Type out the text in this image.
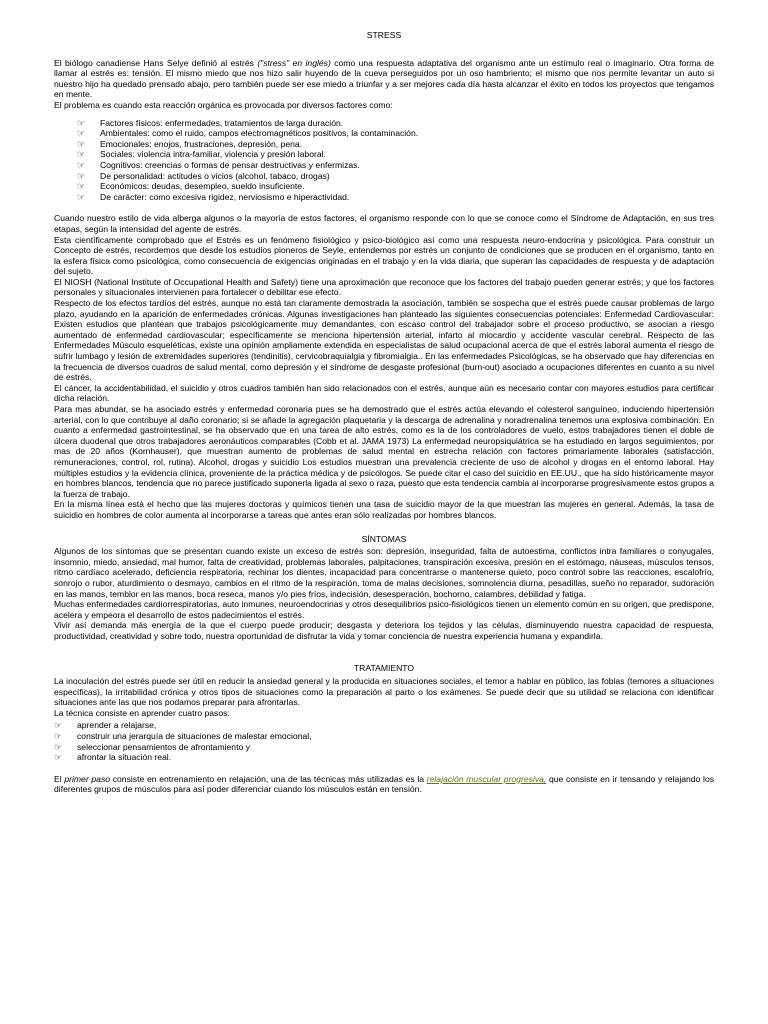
STRESS

El biólogo canadiense Hans Selye definió al estrés ("stress" en inglés) como una respuesta adaptativa del organismo ante un estímulo real o imaginario. Otra forma de llamar al estrés es: tensión. El mismo miedo que nos hizo salir huyendo de la cueva perseguidos por un oso hambriento; el mismo que nos permite levantar un auto si nuestro hijo ha quedado prensado abajo, pero también puede ser ese miedo a triunfar y a ser mejores cada día hasta alcanzar el éxito en todos los proyectos que tengamos en mente.

El problema es cuando esta reacción orgánica es provocada por diversos factores como:

☞ Factores físicos: enfermedades, tratamientos de larga duración.
☞ Ambientales: como el ruido, campos electromagnéticos positivos, la contaminación.
☞ Emocionales: enojos, frustraciones, depresión, pena.
☞ Sociales: violencia intra-familiar, violencia y presión laboral.
☞ Cognitivos: creencias o formas de pensar destructivas y enfermizas.
☞ De personalidad: actitudes o vicios (alcohol, tabaco, drogas)
☞ Económicos: deudas, desempleo, sueldo insuficiente.
☞ De carácter: como excesiva rigidez, nerviosismo e hiperactividad.

Cuando nuestro estilo de vida alberga algunos o la mayoría de estos factores, el organismo responde con lo que se conoce como el Síndrome de Adaptación, en sus tres etapas, según la intensidad del agente de estrés.

Esta científicamente comprobado que el Estrés es un fenómeno fisiológico y psico-biológico así como una respuesta neuro-endocrina y psicológica. Para construir un Concepto de estrés, recordemos que desde los estudios pioneros de Seyle, entendemos por estrés un conjunto de condiciones que se producen en el organismo, tanto en la esfera física como psicológica, como consecuencia de exigencias originadas en el trabajo y en la vida diaria, que superan las capacidades de respuesta y de adaptación del sujeto.

El NIOSH (National Institute of Occupational Health and Safety) tiene una aproximación que reconoce que los factores del trabajo pueden generar estrés; y que los factores personales y situacionales intervienen para fortalecer o debilitar ese efecto.

Respecto de los efectos tardíos del estrés, aunque no está tan claramente demostrada la asociación, también se sospecha que el estrés puede causar problemas de largo plazo, ayudando en la aparición de enfermedades crónicas. Algunas investigaciones han planteado las siguientes consecuencias potenciales: Enfermedad Cardiovascular: Existen estudios que plantean que trabajos psicológicamente muy demandantes, con escaso control del trabajador sobre el proceso productivo, se asocian a riesgo aumentado de enfermedad cardiovascular; específicamente se menciona hipertensión arterial, infarto al miocardio y accidente vascular cerebral. Respecto de las Enfermedades Músculo esqueléticas, existe una opinión ampliamente extendida en especialistas de salud ocupacional acerca de que el estrés laboral aumenta el riesgo de sufrir lumbago y lesión de extremidades superiores (tendinitis), cervicobraquialgia y fibromialgia.. En las enfermedades Psicológicas, se ha observado que hay diferencias en la frecuencia de diversos cuadros de salud mental, como depresión y el síndrome de desgaste profesional (burn-out) asociado a ocupaciones diferentes en cuanto a su nivel de estrés.

El cáncer, la accidentabilidad, el suicidio y otros cuadros también han sido relacionados con el estrés, aunque aún es necesario contar con mayores estudios para certificar dicha relación.

Para mas abundar, se ha asociado estrés y enfermedad coronaria pues se ha demostrado que el estrés actúa elevando el colesterol sanguíneo, induciendo hipertensión arterial, con lo que contribuye al daño coronario; si se añade la agregación plaquetaria y la descarga de adrenalina y noradrenalina tenemos una explosiva combinación. En cuanto a enfermedad gastrointestinal, se ha observado que en una tarea de alto estrés, como es la de los controladores de vuelo, estos trabajadores tienen el doble de úlcera duodenal que otros trabajadores aeronáuticos comparables (Cobb et al. JAMA 1973) La enfermedad neuropsiquiátrica se ha estudiado en largos seguimientos, por mas de 20 años (Kornhauser), que muestran aumento de problemas de salud mental en estrecha relación con factores primariamente laborales (satisfacción, remuneraciones, control, rol, rutina). Alcohol, drogas y suicidio Los estudios muestran una prevalencia creciente de uso de alcohol y drogas en el entorno laboral. Hay múltiples estudios y la evidencia clínica, proveniente de la práctica médica y de psicólogos. Se puede citar el caso del suicidio en EE.UU., que ha sido históricamente mayor en hombres blancos, tendencia que no parece justificado suponerla ligada al sexo o raza, puesto que esta tendencia cambia al incorporarse progresivamente estos grupos a la fuerza de trabajo.

En la misma línea está el hecho que las mujeres doctoras y químicos tienen una tasa de suicidio mayor de la que muestran las mujeres en general. Además, la tasa de suicidio en hombres de color aumenta al incorporarse a tareas que antes eran sólo realizadas por hombres blancos.

SÍNTOMAS

Algunos de los síntomas que se presentan cuando existe un exceso de estrés son: depresión, inseguridad, falta de autoestima, conflictos intra familiares o conyugales, insomnio, miedo, ansiedad, mal humor, falta de creatividad, problemas laborales, palpitaciones, transpiración excesiva, presión en el estómago, náuseas, músculos tensos, ritmo cardíaco acelerado, deficiencia respiratoria, rechinar los dientes, incapacidad para concentrarse o mantenerse quieto, poco control sobre las reacciones, escalofrío, sonrojo o rubor, aturdimiento o desmayo, cambios en el ritmo de la respiración, toma de malas decisiones, somnolencia diurna, pesadillas, sueño no reparador, sudoración en las manos, temblor en las manos, boca reseca, manos y/o pies fríos, indecisión, desesperación, bochorno, calambres, debilidad y fatiga.

Muchas enfermedades cardiorrespiratorias, auto inmunes, neuroendocrinas y otros desequilibrios psico-fisiológicos tienen un elemento común en su origen, que predispone, acelera y empeora el desarrollo de estos padecimientos el estrés.

Vivir así demanda más energía de la que el cuerpo puede producir; desgasta y deteriora los tejidos y las células, disminuyendo nuestra capacidad de respuesta, productividad, creatividad y sobre todo, nuestra oportunidad de disfrutar la vida y tomar conciencia de nuestra experiencia humana y expandirla.

TRATAMIENTO

La inoculación del estrés puede ser útil en reducir la ansiedad general y la producida en situaciones sociales, el temor a hablar en público, las fobias (temores a situaciones específicas), la irritabilidad crónica y otros tipos de situaciones como la preparación al parto o los exámenes. Se puede decir que su utilidad se relaciona con identificar situaciones ante las que nos podamos preparar para afrontarlas.

La técnica consiste en aprender cuatro pasos:

☞ aprender a relajarse,
☞ construir una jerarquía de situaciones de malestar emocional,
☞ seleccionar pensamientos de afrontamiento y
☞ afrontar la situación real.

El primer paso consiste en entrenamiento en relajación, una de las técnicas más utilizadas es la relajación muscular progresiva, que consiste en ir tensando y relajando los diferentes grupos de músculos para así poder diferenciar cuando los músculos están en tensión.
